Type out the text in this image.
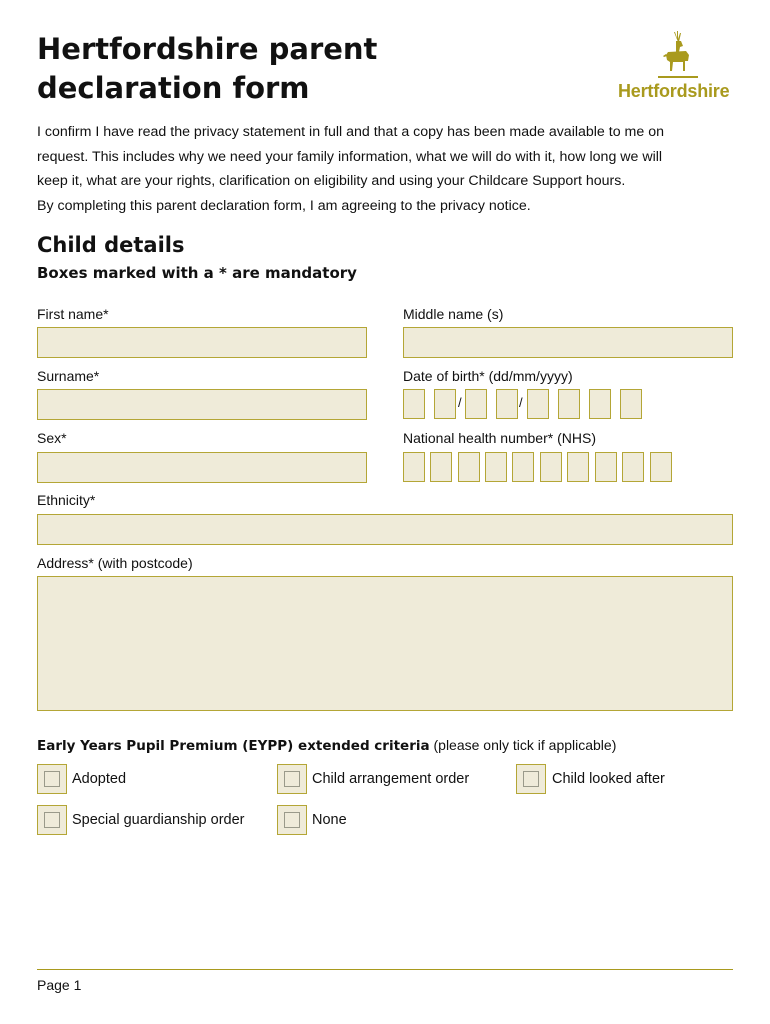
Hertfordshire parent
declaration form	Hertfordshire

I confirm I have read the privacy statement in full and that a copy has been made available to me on

request. This includes why we need your family information, what we will do with it, how long we will

keep it, what are your rights, clarification on eligibility and using your Childcare Support hours.

By completing this parent declaration form, I am agreeing to the privacy notice.

Child details
Boxes marked with a * are mandatory
First name*	Middle name (s)
Surname*	Date of birth* (dd/mm/yyyy)
/	/
Sex*	National health number* (NHS)
Ethnicity*
Address* (with postcode)
Early Years Pupil Premium (EYPP) extended criteria (please only tick if applicable)
Adopted	Child arrangement order	Child looked after
Special guardianship order	None
Page 1
